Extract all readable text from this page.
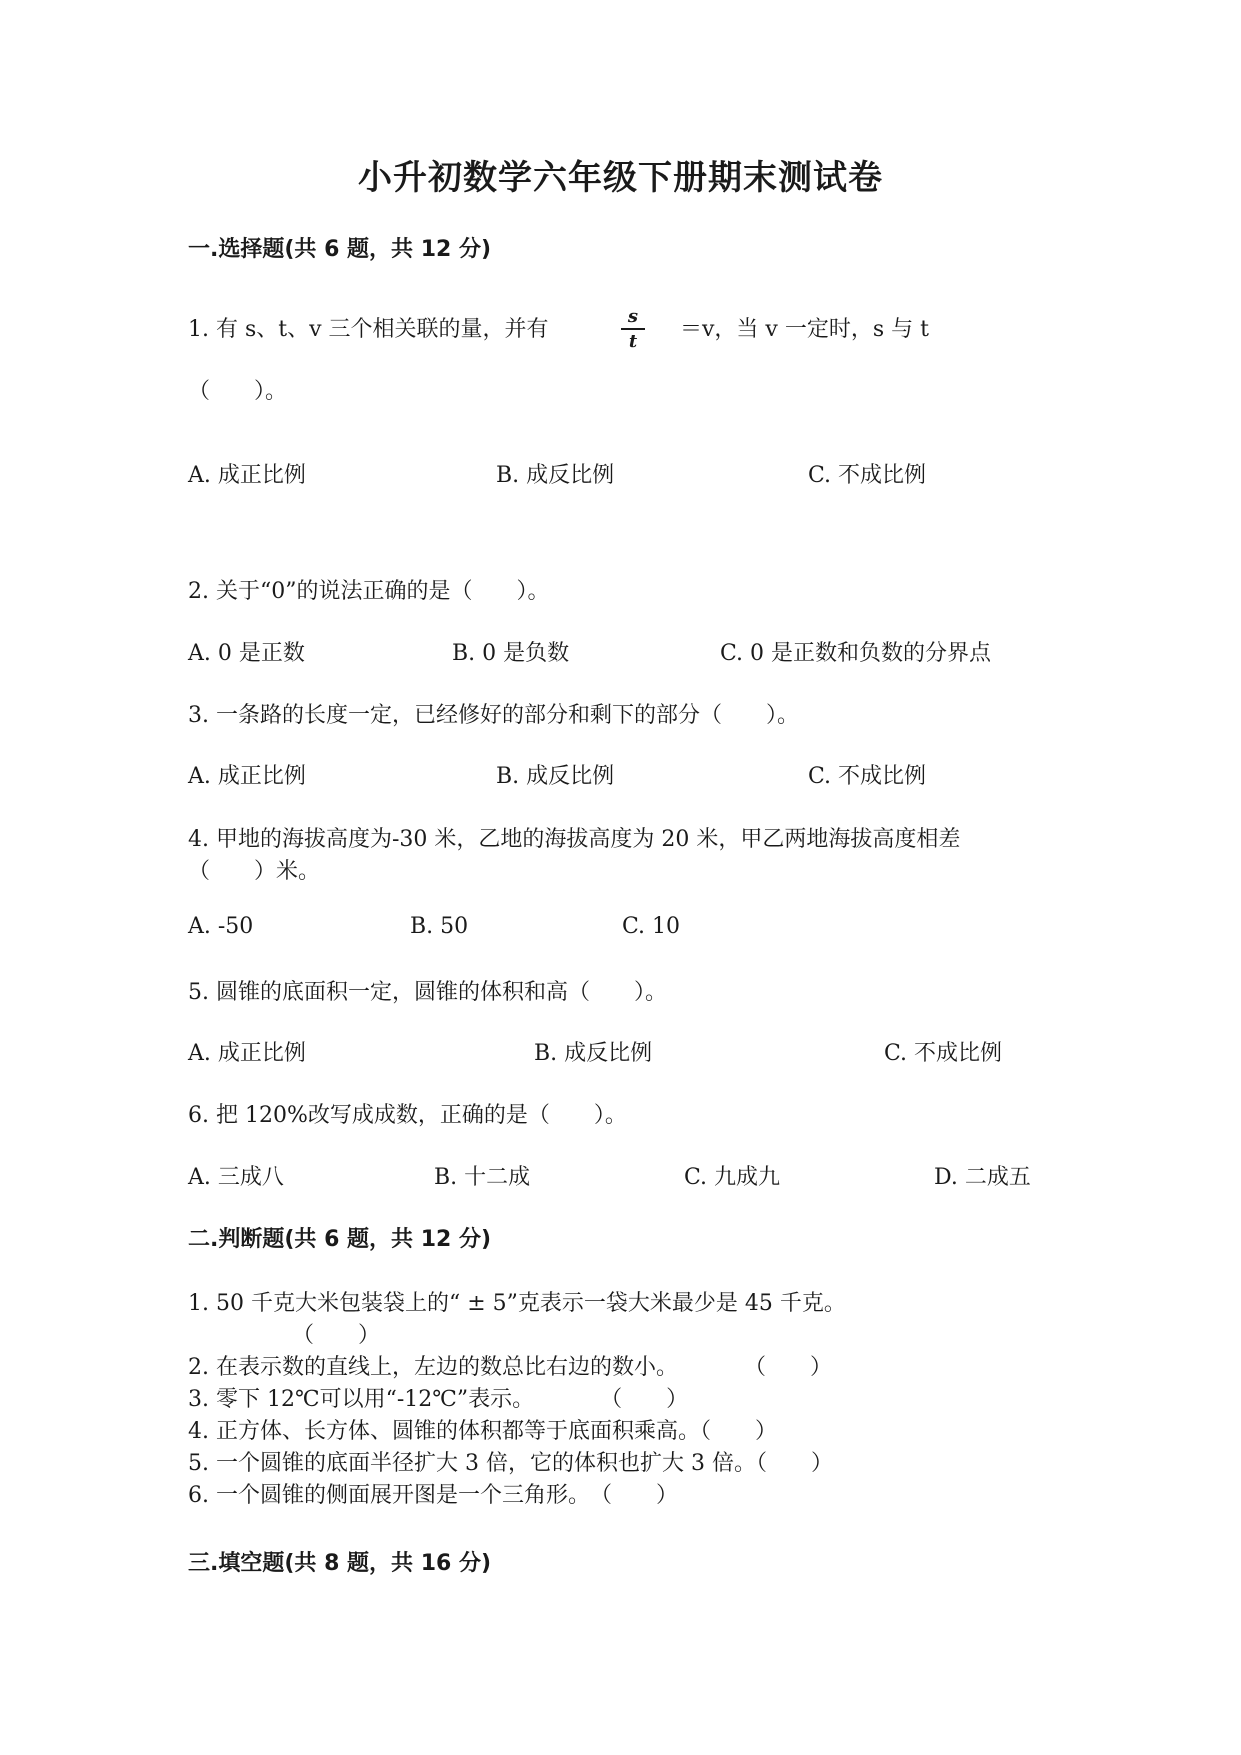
小升初数学六年级下册期末测试卷
一.选择题(共 6 题，共 12 分)
1. 有 s、t、v 三个相关联的量，并有
s
t	＝v，当 v 一定时，s 与 t
（　　）。
A. 成正比例	B. 成反比例	C. 不成比例
2. 关于“0”的说法正确的是（　　）。
A. 0 是正数	B. 0 是负数	C. 0 是正数和负数的分界点
3. 一条路的长度一定，已经修好的部分和剩下的部分（　　）。
A. 成正比例	B. 成反比例	C. 不成比例
4. 甲地的海拔高度为-30 米，乙地的海拔高度为 20 米，甲乙两地海拔高度相差
（　　）米。
A. -50	B. 50	C. 10
5. 圆锥的底面积一定，圆锥的体积和高（　　）。
A. 成正比例	B. 成反比例	C. 不成比例
6. 把 120%改写成成数，正确的是（　　）。
A. 三成八	B. 十二成	C. 九成九	D. 二成五
二.判断题(共 6 题，共 12 分)
1. 50 千克大米包装袋上的“ ± 5”克表示一袋大米最少是 45 千克。
（　　）
2. 在表示数的直线上，左边的数总比右边的数小。　　　　（　　）
3. 零下 12℃可以用“-12℃”表示。　　　　（　　）
4. 正方体、长方体、圆锥的体积都等于底面积乘高。（　　）
5. 一个圆锥的底面半径扩大 3 倍，它的体积也扩大 3 倍。（　　）
6. 一个圆锥的侧面展开图是一个三角形。　（　　）
三.填空题(共 8 题，共 16 分)
